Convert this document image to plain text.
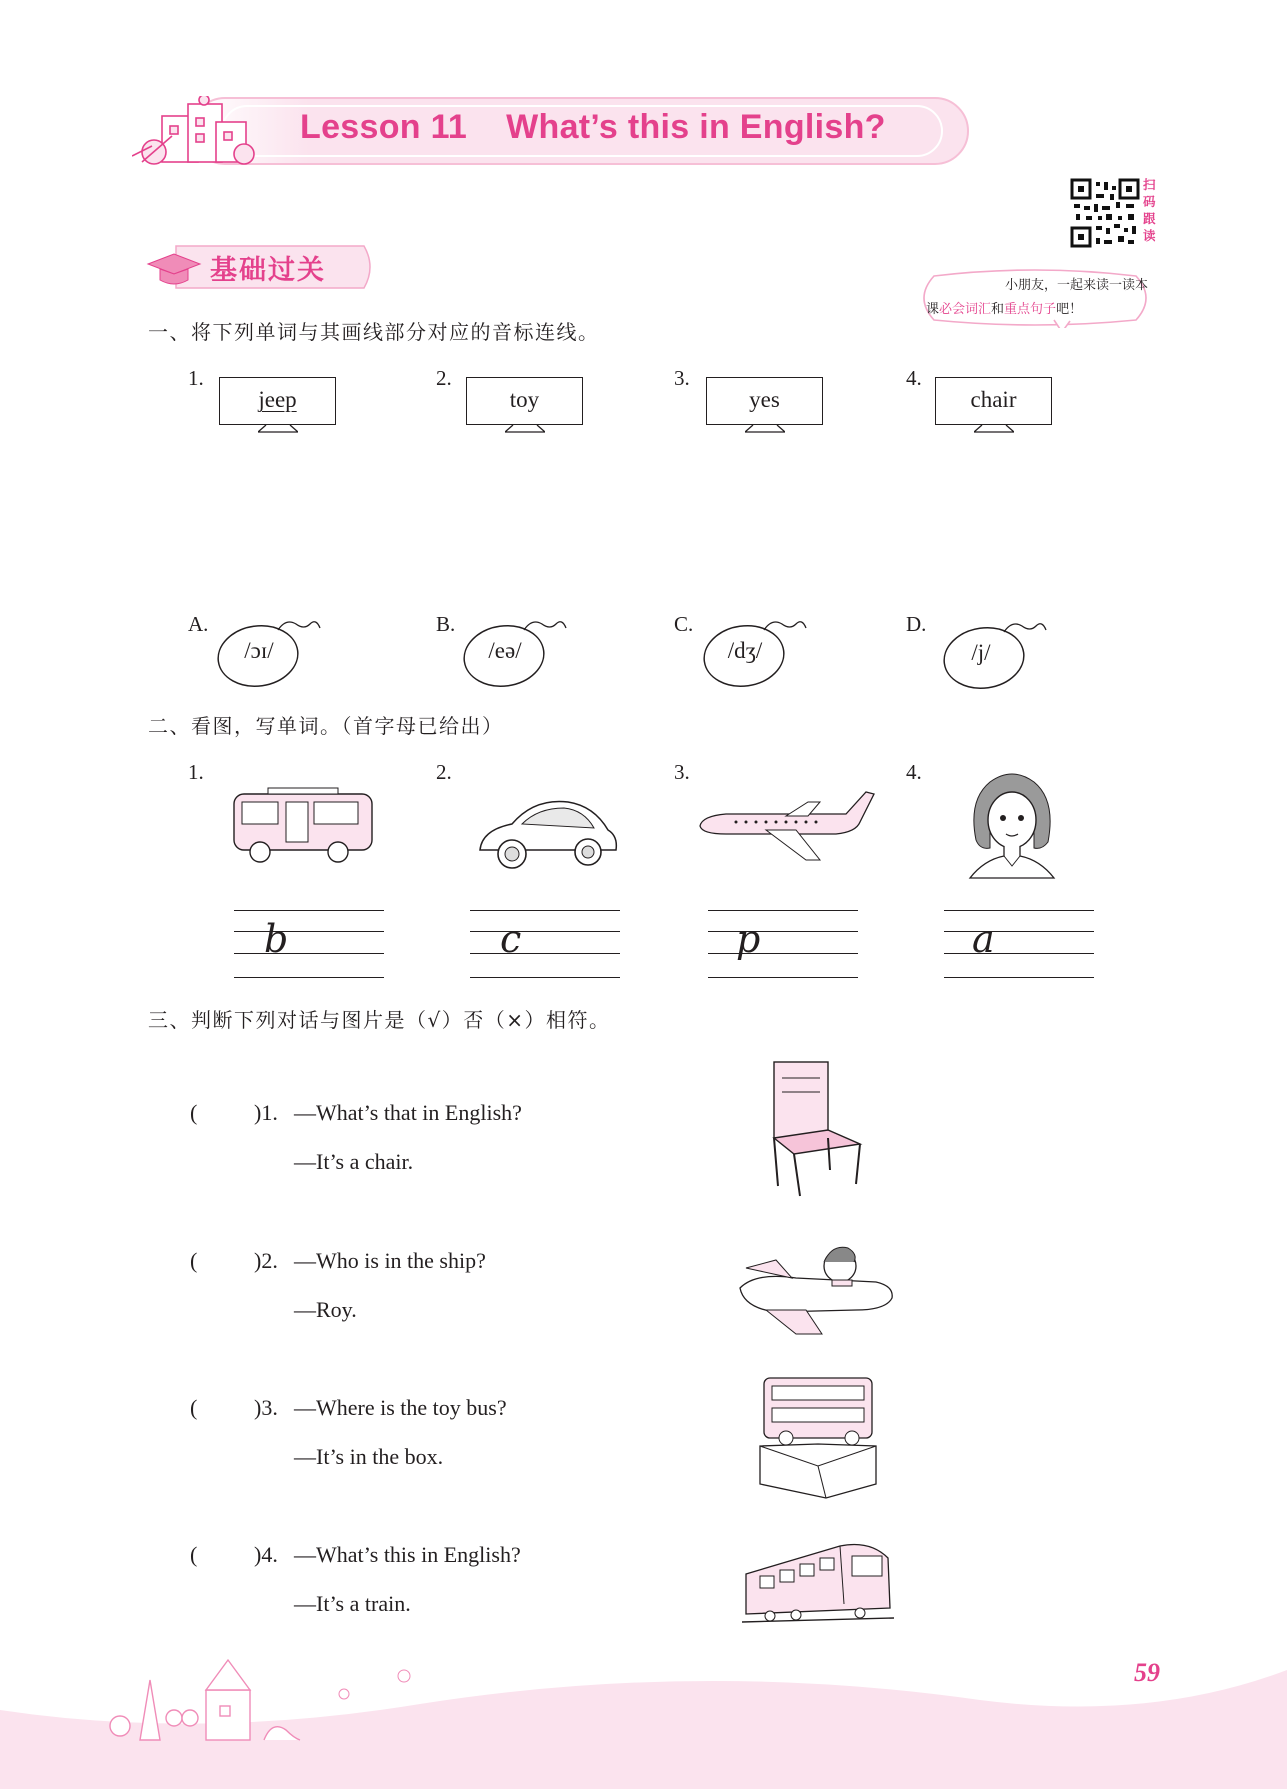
Lesson 11    What’s this in English?
扫码跟读
小朋友，一起来读一读本
课必会词汇和重点句子吧！
基础过关
一、将下列单词与其画线部分对应的音标连线。
1.
jeep
2.
toy
3.
yes
4.
chair
A.
/ɔɪ/
B.
/eə/
C.
/dʒ/
D.
/j/
二、看图，写单词。（首字母已给出）
1.
b
2.
c
3.
p
4.
a
三、判断下列对话与图片是（√）否（×）相符。
(	)1. —What’s that in English?
—It’s a chair.
(	)2. —Who is in the ship?
—Roy.
(	)3. —Where is the toy bus?
—It’s in the box.
(	)4. —What’s this in English?
—It’s a train.
59
